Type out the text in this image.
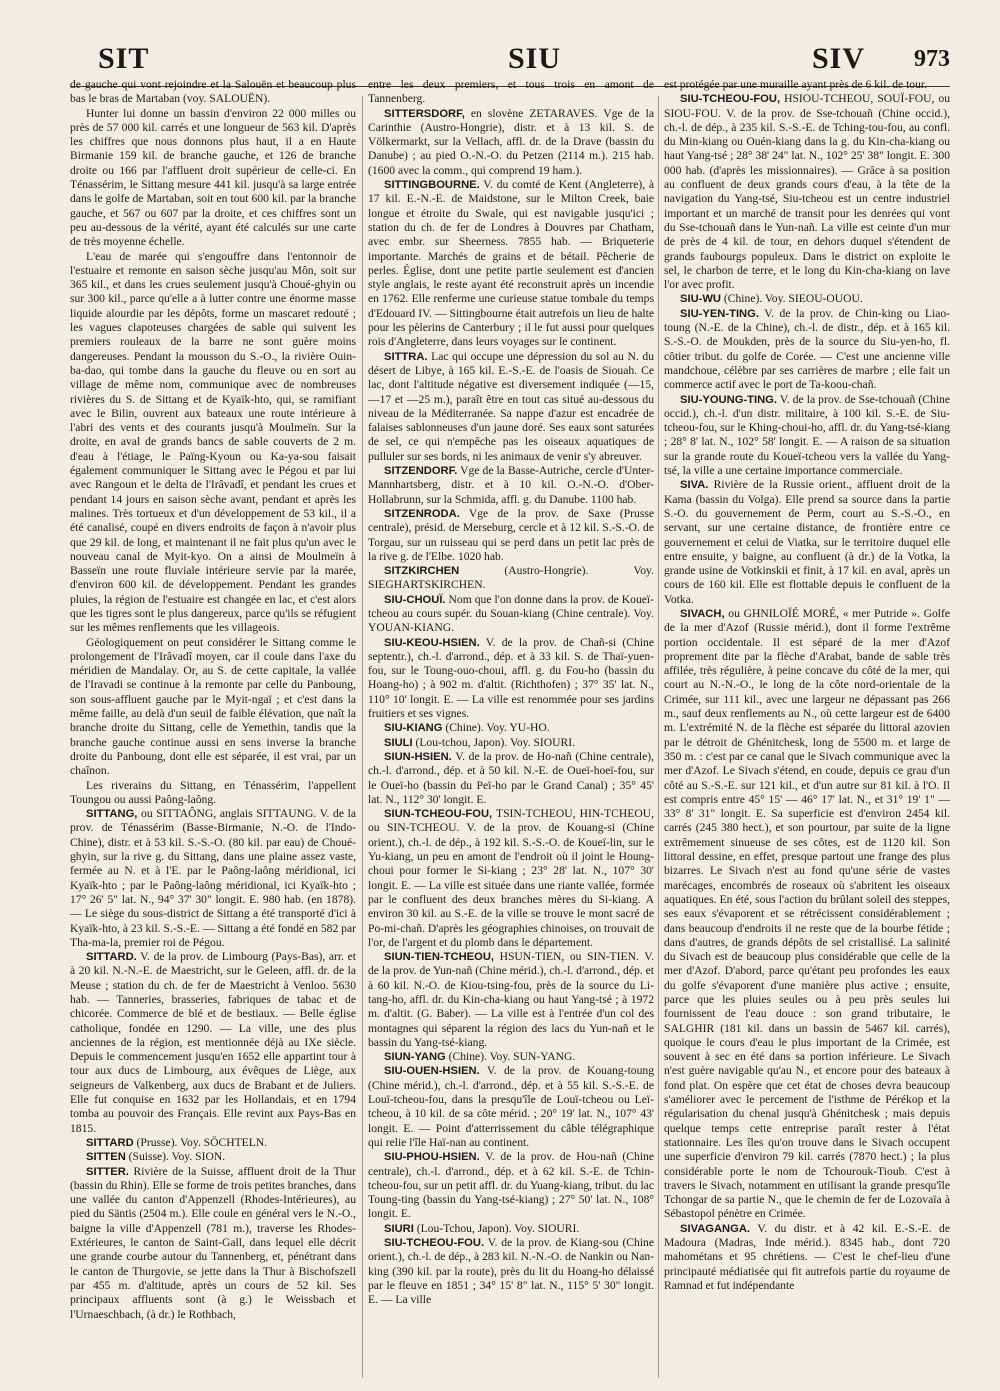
SIT	SIU	SIV 973

de gauche qui vont rejoindre et la Salouën et beaucoup plus bas le bras de Martaban (voy. SALOUËN).

Hunter lui donne un bassin d'environ 22 000 milles ou près de 57 000 kil. carrés et une longueur de 563 kil. D'après les chiffres que nous donnons plus haut, il a en Haute Birmanie 159 kil. de branche gauche, et 126 de branche droite ou 166 par l'affluent droit supérieur de celle-ci. En Ténassérim, le Sittang mesure 441 kil. jusqu'à sa large entrée dans le golfe de Martaban, soit en tout 600 kil. par la branche gauche, et 567 ou 607 par la droite, et ces chiffres sont un peu au-dessous de la vérité, ayant été calculés sur une carte de très moyenne échelle.

L'eau de marée qui s'engouffre dans l'entonnoir de l'estuaire et remonte en saison sèche jusqu'au Môn, soit sur 365 kil., et dans les crues seulement jusqu'à Choué-ghyin ou sur 300 kil., parce qu'elle a à lutter contre une énorme masse liquide alourdie par les dépôts, forme un mascaret redouté ; les vagues clapoteuses chargées de sable qui suivent les premiers rouleaux de la barre ne sont guère moins dangereuses. Pendant la mousson du S.-O., la rivière Ouin-ba-dao, qui tombe dans la gauche du fleuve ou en sort au village de même nom, communique avec de nombreuses rivières du S. de Sittang et de Kyaïk-hto, qui, se ramifiant avec le Bilin, ouvrent aux bateaux une route intérieure à l'abri des vents et des courants jusqu'à Moulmeïn. Sur la droite, en aval de grands bancs de sable couverts de 2 m. d'eau à l'étiage, le Païng-Kyoun ou Ka-ya-sou faisait également communiquer le Sittang avec le Pégou et par lui avec Rangoun et le delta de l'Irâvadî, et pendant les crues et pendant 14 jours en saison sèche avant, pendant et après les malines. Très tortueux et d'un développement de 53 kil., il a été canalisé, coupé en divers endroits de façon à n'avoir plus que 29 kil. de long, et maintenant il ne fait plus qu'un avec le nouveau canal de Myit-kyo. On a ainsi de Moulmeïn à Basseïn une route fluviale intérieure servie par la marée, d'environ 600 kil. de développement. Pendant les grandes pluies, la région de l'estuaire est changée en lac, et c'est alors que les tigres sont le plus dangereux, parce qu'ils se réfugient sur les mêmes renflements que les villageois.

Géologiquement on peut considérer le Sittang comme le prolongement de l'Irâvadî moyen, car il coule dans l'axe du méridien de Mandalay. Or, au S. de cette capitale, la vallée de l'Iravadi se continue à la remonte par celle du Panboung, son sous-affluent gauche par le Myit-ngaï ; et c'est dans la même faille, au delà d'un seuil de faible élévation, que naît la branche droite du Sittang, celle de Yemethin, tandis que la branche gauche continue aussi en sens inverse la branche droite du Panboung, dont elle est séparée, il est vrai, par un chaînon.

Les riverains du Sittang, en Ténassérim, l'appellent Toungou ou aussi Paông-laông.

SITTANG, ou SITTAÔNG, anglais SITTAUNG. V. de la prov. de Ténassérim (Basse-Birmanie, N.-O. de l'Indo-Chine), distr. et à 53 kil. S.-S.-O. (80 kil. par eau) de Choué-ghyin, sur la rive g. du Sittang, dans une plaine assez vaste, fermée au N. et à l'E. par le Paông-laông méridional, ici Kyaïk-hto ; par le Paông-laông méridional, ici Kyaïk-hto ; 17° 26' 5" lat. N., 94° 37' 30" longit. E. 980 hab. (en 1878). — Le siège du sous-district de Sittang a été transporté d'ici à Kyaïk-hto, à 23 kil. S.-S.-E. — Sittang a été fondé en 582 par Tha-ma-la, premier roi de Pégou.

SITTARD. V. de la prov. de Limbourg (Pays-Bas), arr. et à 20 kil. N.-N.-E. de Maestricht, sur le Geleen, affl. dr. de la Meuse ; station du ch. de fer de Maestricht à Venloo. 5630 hab. — Tanneries, brasseries, fabriques de tabac et de chicorée. Commerce de blé et de bestiaux. — Belle église catholique, fondée en 1290. — La ville, une des plus anciennes de la région, est mentionnée déjà au IXe siècle. Depuis le commencement jusqu'en 1652 elle appartint tour à tour aux ducs de Limbourg, aux évêques de Liège, aux seigneurs de Valkenberg, aux ducs de Brabant et de Juliers. Elle fut conquise en 1632 par les Hollandais, et en 1794 tomba au pouvoir des Français. Elle revint aux Pays-Bas en 1815.

SITTARD (Prusse). Voy. SÖCHTELN.

SITTEN (Suisse). Voy. SION.

SITTER. Rivière de la Suisse, affluent droit de la Thur (bassin du Rhin). Elle se forme de trois petites branches, dans une vallée du canton d'Appenzell (Rhodes-Intérieures), au pied du Säntis (2504 m.). Elle coule en général vers le N.-O., baigne la ville d'Appenzell (781 m.), traverse les Rhodes-Extérieures, le canton de Saint-Gall, dans lequel elle décrit une grande courbe autour du Tannenberg, et, pénétrant dans le canton de Thurgovie, se jette dans la Thur à Bischofszell par 455 m. d'altitude, après un cours de 52 kil. Ses principaux affluents sont (à g.) le Weissbach et l'Urnaeschbach, (à dr.) le Rothbach,

entre les deux premiers, et tous trois en amont de Tannenberg.

SITTERSDORF, en slovène ZETARAVES. Vge de la Carinthie (Austro-Hongrie), distr. et à 13 kil. S. de Völkermarkt, sur la Vellach, affl. dr. de la Drave (bassin du Danube) ; au pied O.-N.-O. du Petzen (2114 m.). 215 hab. (1600 avec la comm., qui comprend 19 ham.).

SITTINGBOURNE. V. du comté de Kent (Angleterre), à 17 kil. E.-N.-E. de Maidstone, sur le Milton Creek, baie longue et étroite du Swale, qui est navigable jusqu'ici ; station du ch. de fer de Londres à Douvres par Chatham, avec embr. sur Sheerness. 7855 hab. — Briqueterie importante. Marchés de grains et de bétail. Pêcherie de perles. Église, dont une petite partie seulement est d'ancien style anglais, le reste ayant été reconstruit après un incendie en 1762. Elle renferme une curieuse statue tombale du temps d'Edouard IV. — Sittingbourne était autrefois un lieu de halte pour les pèlerins de Canterbury ; il le fut aussi pour quelques rois d'Angleterre, dans leurs voyages sur le continent.

SITTRA. Lac qui occupe une dépression du sol au N. du désert de Libye, à 165 kil. E.-S.-E. de l'oasis de Siouah. Ce lac, dont l'altitude négative est diversement indiquée (—15, —17 et —25 m.), paraît être en tout cas situé au-dessous du niveau de la Méditerranée. Sa nappe d'azur est encadrée de falaises sablonneuses d'un jaune doré. Ses eaux sont saturées de sel, ce qui n'empêche pas les oiseaux aquatiques de pulluler sur ses bords, ni les animaux de venir s'y abreuver.

SITZENDORF. Vge de la Basse-Autriche, cercle d'Unter-Mannhartsberg, distr. et à 10 kil. O.-N.-O. d'Ober-Hollabrunn, sur la Schmida, affl. g. du Danube. 1100 hab.

SITZENRODA. Vge de la prov. de Saxe (Prusse centrale), présid. de Merseburg, cercle et à 12 kil. S.-S.-O. de Torgau, sur un ruisseau qui se perd dans un petit lac près de la rive g. de l'Elbe. 1020 hab.

SITZKIRCHEN (Austro-Hongrie). Voy. SIEGHARTSKIRCHEN.

SIU-CHOUÏ. Nom que l'on donne dans la prov. de Koueï-tcheou au cours supér. du Souan-kiang (Chine centrale). Voy. YOUAN-KIANG.

SIU-KEOU-HSIEN. V. de la prov. de Chañ-si (Chine septentr.), ch.-l. d'arrond., dép. et à 33 kil. S. de Thaï-yuen-fou, sur le Toung-ouo-choui, affl. g. du Fou-ho (bassin du Hoang-ho) ; à 902 m. d'altit. (Richthofen) ; 37° 35' lat. N., 110° 10' longit. E. — La ville est renommée pour ses jardins fruitiers et ses vignes.

SIU-KIANG (Chine). Voy. YU-HO.

SIULI (Lou-tchou, Japon). Voy. SIOURI.

SIUN-HSIEN. V. de la prov. de Ho-nañ (Chine centrale), ch.-l. d'arrond., dép. et à 50 kil. N.-E. de Oueï-hoeï-fou, sur le Oueï-ho (bassin du Peï-ho par le Grand Canal) ; 35° 45' lat. N., 112° 30' longit. E.

SIUN-TCHEOU-FOU, TSIN-TCHEOU, HIN-TCHEOU, ou SIN-TCHEOU. V. de la prov. de Kouang-si (Chine orient.), ch.-l. de dép., à 192 kil. S.-S.-O. de Koueï-lin, sur le Yu-kiang, un peu en amont de l'endroit où il joint le Houng-choui pour former le Si-kiang ; 23° 28' lat. N., 107° 30' longit. E. — La ville est située dans une riante vallée, formée par le confluent des deux branches mères du Si-kiang. A environ 30 kil. au S.-E. de la ville se trouve le mont sacré de Po-mi-chañ. D'après les géographies chinoises, on trouvait de l'or, de l'argent et du plomb dans le département.

SIUN-TIEN-TCHEOU, HSUN-TIEN, ou SIN-TIEN. V. de la prov. de Yun-nañ (Chine mérid.), ch.-l. d'arrond., dép. et à 60 kil. N.-O. de Kiou-tsing-fou, près de la source du Li-tang-ho, affl. dr. du Kin-cha-kiang ou haut Yang-tsé ; à 1972 m. d'altit. (G. Baber). — La ville est à l'entrée d'un col des montagnes qui séparent la région des lacs du Yun-nañ et le bassin du Yang-tsé-kiang.

SIUN-YANG (Chine). Voy. SUN-YANG.

SIU-OUEN-HSIEN. V. de la prov. de Kouang-toung (Chine mérid.), ch.-l. d'arrond., dép. et à 55 kil. S.-S.-E. de Louï-tcheou-fou, dans la presqu'île de Louï-tcheou ou Leï-tcheou, à 10 kil. de sa côte mérid. ; 20° 19' lat. N., 107° 43' longit. E. — Point d'atterrissement du câble télégraphique qui relie l'île Haï-nan au continent.

SIU-PHOU-HSIEN. V. de la prov. de Hou-nañ (Chine centrale), ch.-l. d'arrond., dép. et à 62 kil. S.-E. de Tchin-tcheou-fou, sur un petit affl. dr. du Yuang-kiang, tribut. du lac Toung-ting (bassin du Yang-tsé-kiang) ; 27° 50' lat. N., 108° longit. E.

SIURI (Lou-Tchou, Japon). Voy. SIOURI.

SIU-TCHEOU-FOU. V. de la prov. de Kiang-sou (Chine orient.), ch.-l. de dép., à 283 kil. N.-N.-O. de Nankin ou Nan-king (390 kil. par la route), près du lit du Hoang-ho délaissé par le fleuve en 1851 ; 34° 15' 8" lat. N., 115° 5' 30" longit. E. — La ville

est protégée par une muraille ayant près de 6 kil. de tour.

SIU-TCHEOU-FOU, HSIOU-TCHEOU, SOUÏ-FOU, ou SIOU-FOU. V. de la prov. de Sse-tchouañ (Chine occid.), ch.-l. de dép., à 235 kil. S.-S.-E. de Tching-tou-fou, au confl. du Min-kiang ou Ouén-kiang dans la g. du Kin-cha-kiang ou haut Yang-tsé ; 28° 38' 24" lat. N., 102° 25' 38" longit. E. 300 000 hab. (d'après les missionnaires). — Grâce à sa position au confluent de deux grands cours d'eau, à la tête de la navigation du Yang-tsé, Siu-tcheou est un centre industriel important et un marché de transit pour les denrées qui vont du Sse-tchouañ dans le Yun-nañ. La ville est ceinte d'un mur de près de 4 kil. de tour, en dehors duquel s'étendent de grands faubourgs populeux. Dans le district on exploite le sel, le charbon de terre, et le long du Kin-cha-kiang on lave l'or avec profit.

SIU-WU (Chine). Voy. SIEOU-OUOU.

SIU-YEN-TING. V. de la prov. de Chin-king ou Liao-toung (N.-E. de la Chine), ch.-l. de distr., dép. et à 165 kil. S.-S.-O. de Moukden, près de la source du Siu-yen-ho, fl. côtier tribut. du golfe de Corée. — C'est une ancienne ville mandchoue, célèbre par ses carrières de marbre ; elle fait un commerce actif avec le port de Ta-koou-chañ.

SIU-YOUNG-TING. V. de la prov. de Sse-tchouañ (Chine occid.), ch.-l. d'un distr. militaire, à 100 kil. S.-E. de Siu-tcheou-fou, sur le Khing-choui-ho, affl. dr. du Yang-tsé-kiang ; 28° 8' lat. N., 102° 58' longit. E. — A raison de sa situation sur la grande route du Koueï-tcheou vers la vallée du Yang-tsé, la ville a une certaine importance commerciale.

SIVA. Rivière de la Russie orient., affluent droit de la Kama (bassin du Volga). Elle prend sa source dans la partie S.-O. du gouvernement de Perm, court au S.-S.-O., en servant, sur une certaine distance, de frontière entre ce gouvernement et celui de Viatka, sur le territoire duquel elle entre ensuite, y baigne, au confluent (à dr.) de la Votka, la grande usine de Votkinskii et finit, à 17 kil. en aval, après un cours de 160 kil. Elle est flottable depuis le confluent de la Votka.

SIVACH, ou GHNILOÏÉ MORÉ, « mer Putride ». Golfe de la mer d'Azof (Russie mérid.), dont il forme l'extrême portion occidentale. Il est séparé de la mer d'Azof proprement dite par la flèche d'Arabat, bande de sable très affilée, très régulière, à peine concave du côté de la mer, qui court au N.-N.-O., le long de la côte nord-orientale de la Crimée, sur 111 kil., avec une largeur ne dépassant pas 266 m., sauf deux renflements au N., où cette largeur est de 6400 m. L'extrémité N. de la flèche est séparée du littoral azovien par le détroit de Ghénitchesk, long de 5500 m. et large de 350 m. : c'est par ce canal que le Sivach communique avec la mer d'Azof. Le Sivach s'étend, en coude, depuis ce grau d'un côté au S.-S.-E. sur 121 kil., et d'un autre sur 81 kil. à l'O. Il est compris entre 45° 15' — 46° 17' lat. N., et 31° 19' 1" — 33° 8' 31" longit. E. Sa superficie est d'environ 2454 kil. carrés (245 380 hect.), et son pourtour, par suite de la ligne extrêmement sinueuse de ses côtes, est de 1120 kil. Son littoral dessine, en effet, presque partout une frange des plus bizarres. Le Sivach n'est au fond qu'une série de vastes marécages, encombrés de roseaux où s'abritent les oiseaux aquatiques. En été, sous l'action du brûlant soleil des steppes, ses eaux s'évaporent et se rétrécissent considérablement ; dans beaucoup d'endroits il ne reste que de la bourbe fétide ; dans d'autres, de grands dépôts de sel cristallisé. La salinité du Sivach est de beaucoup plus considérable que celle de la mer d'Azof. D'abord, parce qu'étant peu profondes les eaux du golfe s'évaporent d'une manière plus active ; ensuite, parce que les pluies seules ou à peu près seules lui fournissent de l'eau douce : son grand tributaire, le SALGHIR (181 kil. dans un bassin de 5467 kil. carrés), quoique le cours d'eau le plus important de la Crimée, est souvent à sec en été dans sa portion inférieure. Le Sivach n'est guère navigable qu'au N., et encore pour des bateaux à fond plat. On espère que cet état de choses devra beaucoup s'améliorer avec le percement de l'isthme de Pérékop et la régularisation du chenal jusqu'à Ghénitchesk ; mais depuis quelque temps cette entreprise paraît rester à l'état stationnaire. Les îles qu'on trouve dans le Sivach occupent une superficie d'environ 79 kil. carrés (7870 hect.) ; la plus considérable porte le nom de Tchourouk-Tioub. C'est à travers le Sivach, notamment en utilisant la grande presqu'île Tchongar de sa partie N., que le chemin de fer de Lozovaïa à Sébastopol pénètre en Crimée.

SIVAGANGA. V. du distr. et à 42 kil. E.-S.-E. de Madoura (Madras, Inde mérid.). 8345 hab., dont 720 mahométans et 95 chrétiens. — C'est le chef-lieu d'une principauté médiatisée qui fit autrefois partie du royaume de Ramnad et fut indépendante
